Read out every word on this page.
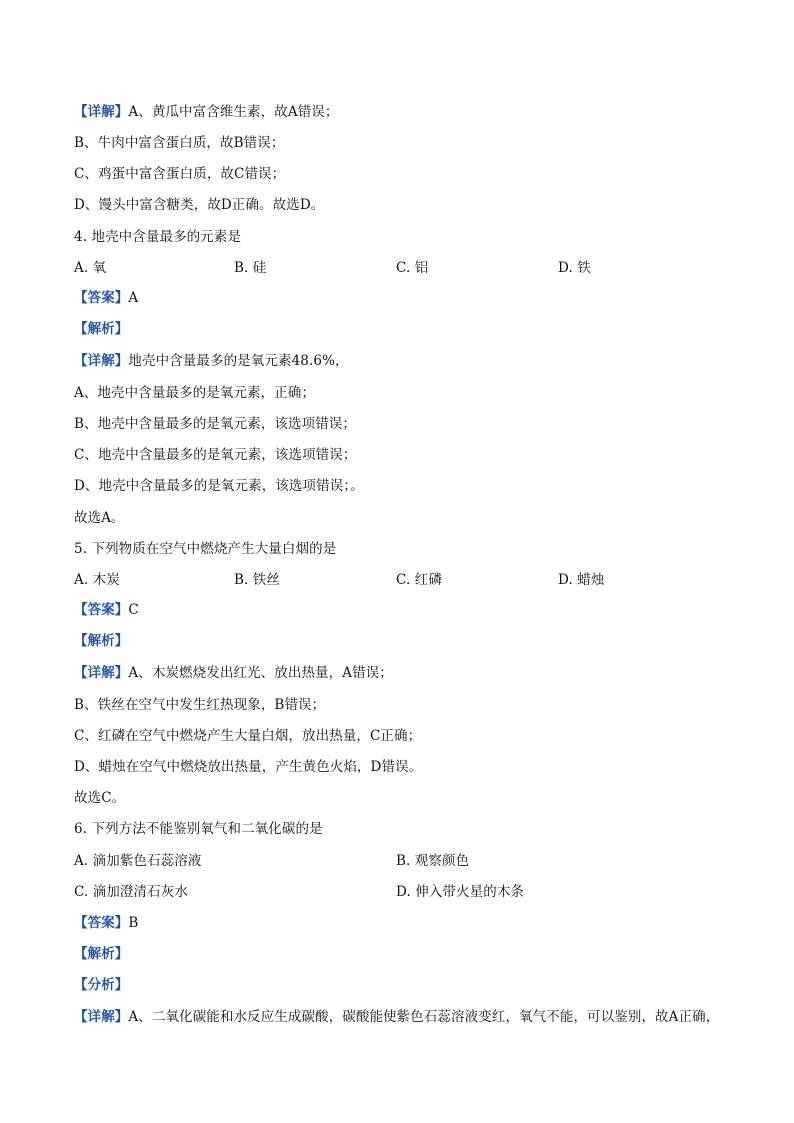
【详解】A、黄瓜中富含维生素，故A错误；
B、牛肉中富含蛋白质，故B错误；
C、鸡蛋中富含蛋白质，故C错误；
D、馒头中富含糖类，故D正确。故选D。
4. 地壳中含量最多的元素是
A. 氧	B. 硅	C. 铝	D. 铁
【答案】A
【解析】
【详解】地壳中含量最多的是氧元素48.6%，
A、地壳中含量最多的是氧元素，正确；
B、地壳中含量最多的是氧元素，该选项错误；
C、地壳中含量最多的是氧元素，该选项错误；
D、地壳中含量最多的是氧元素，该选项错误；。
故选A。
5. 下列物质在空气中燃烧产生大量白烟的是
A. 木炭	B. 铁丝	C. 红磷	D. 蜡烛
【答案】C
【解析】
【详解】A、木炭燃烧发出红光、放出热量，A错误；
B、铁丝在空气中发生红热现象，B错误；
C、红磷在空气中燃烧产生大量白烟，放出热量，C正确；
D、蜡烛在空气中燃烧放出热量，产生黄色火焰，D错误。
故选C。
6. 下列方法不能鉴别氧气和二氧化碳的是
A. 滴加紫色石蕊溶液	B. 观察颜色
C. 滴加澄清石灰水	D. 伸入带火星的木条
【答案】B
【解析】
【分析】
【详解】A、二氧化碳能和水反应生成碳酸，碳酸能使紫色石蕊溶液变红，氧气不能，可以鉴别，故A正确，
